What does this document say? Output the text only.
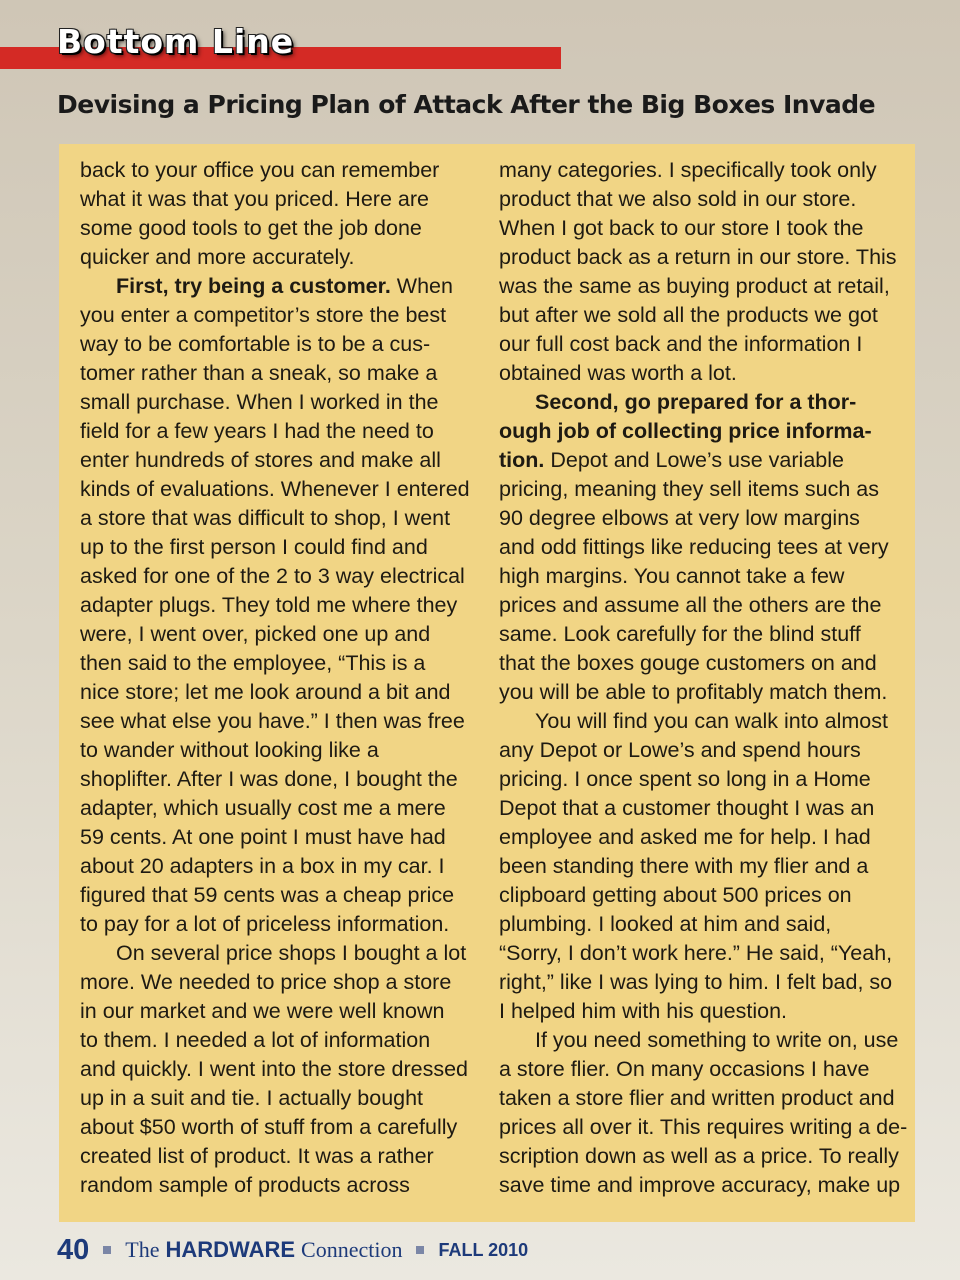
Bottom Line
Devising a Pricing Plan of Attack After the Big Boxes Invade
back to your office you can remember
what it was that you priced. Here are
some good tools to get the job done
quicker and more accurately.
First, try being a customer. When
you enter a competitor’s store the best
way to be comfortable is to be a cus-
tomer rather than a sneak, so make a
small purchase. When I worked in the
field for a few years I had the need to
enter hundreds of stores and make all
kinds of evaluations. Whenever I entered
a store that was difficult to shop, I went
up to the first person I could find and
asked for one of the 2 to 3 way electrical
adapter plugs. They told me where they
were, I went over, picked one up and
then said to the employee, “This is a
nice store; let me look around a bit and
see what else you have.” I then was free
to wander without looking like a
shoplifter. After I was done, I bought the
adapter, which usually cost me a mere
59 cents. At one point I must have had
about 20 adapters in a box in my car. I
figured that 59 cents was a cheap price
to pay for a lot of priceless information.
On several price shops I bought a lot
more. We needed to price shop a store
in our market and we were well known
to them. I needed a lot of information
and quickly. I went into the store dressed
up in a suit and tie. I actually bought
about $50 worth of stuff from a carefully
created list of product. It was a rather
random sample of products across
many categories. I specifically took only
product that we also sold in our store.
When I got back to our store I took the
product back as a return in our store. This
was the same as buying product at retail,
but after we sold all the products we got
our full cost back and the information I
obtained was worth a lot.
Second, go prepared for a thor-
ough job of collecting price informa-
tion. Depot and Lowe’s use variable
pricing, meaning they sell items such as
90 degree elbows at very low margins
and odd fittings like reducing tees at very
high margins. You cannot take a few
prices and assume all the others are the
same. Look carefully for the blind stuff
that the boxes gouge customers on and
you will be able to profitably match them.
You will find you can walk into almost
any Depot or Lowe’s and spend hours
pricing. I once spent so long in a Home
Depot that a customer thought I was an
employee and asked me for help. I had
been standing there with my flier and a
clipboard getting about 500 prices on
plumbing. I looked at him and said,
“Sorry, I don’t work here.” He said, “Yeah,
right,” like I was lying to him. I felt bad, so
I helped him with his question.
If you need something to write on, use
a store flier. On many occasions I have
taken a store flier and written product and
prices all over it. This requires writing a de-
scription down as well as a price. To really
save time and improve accuracy, make up
40 The HARDWARE Connection FALL 2010
